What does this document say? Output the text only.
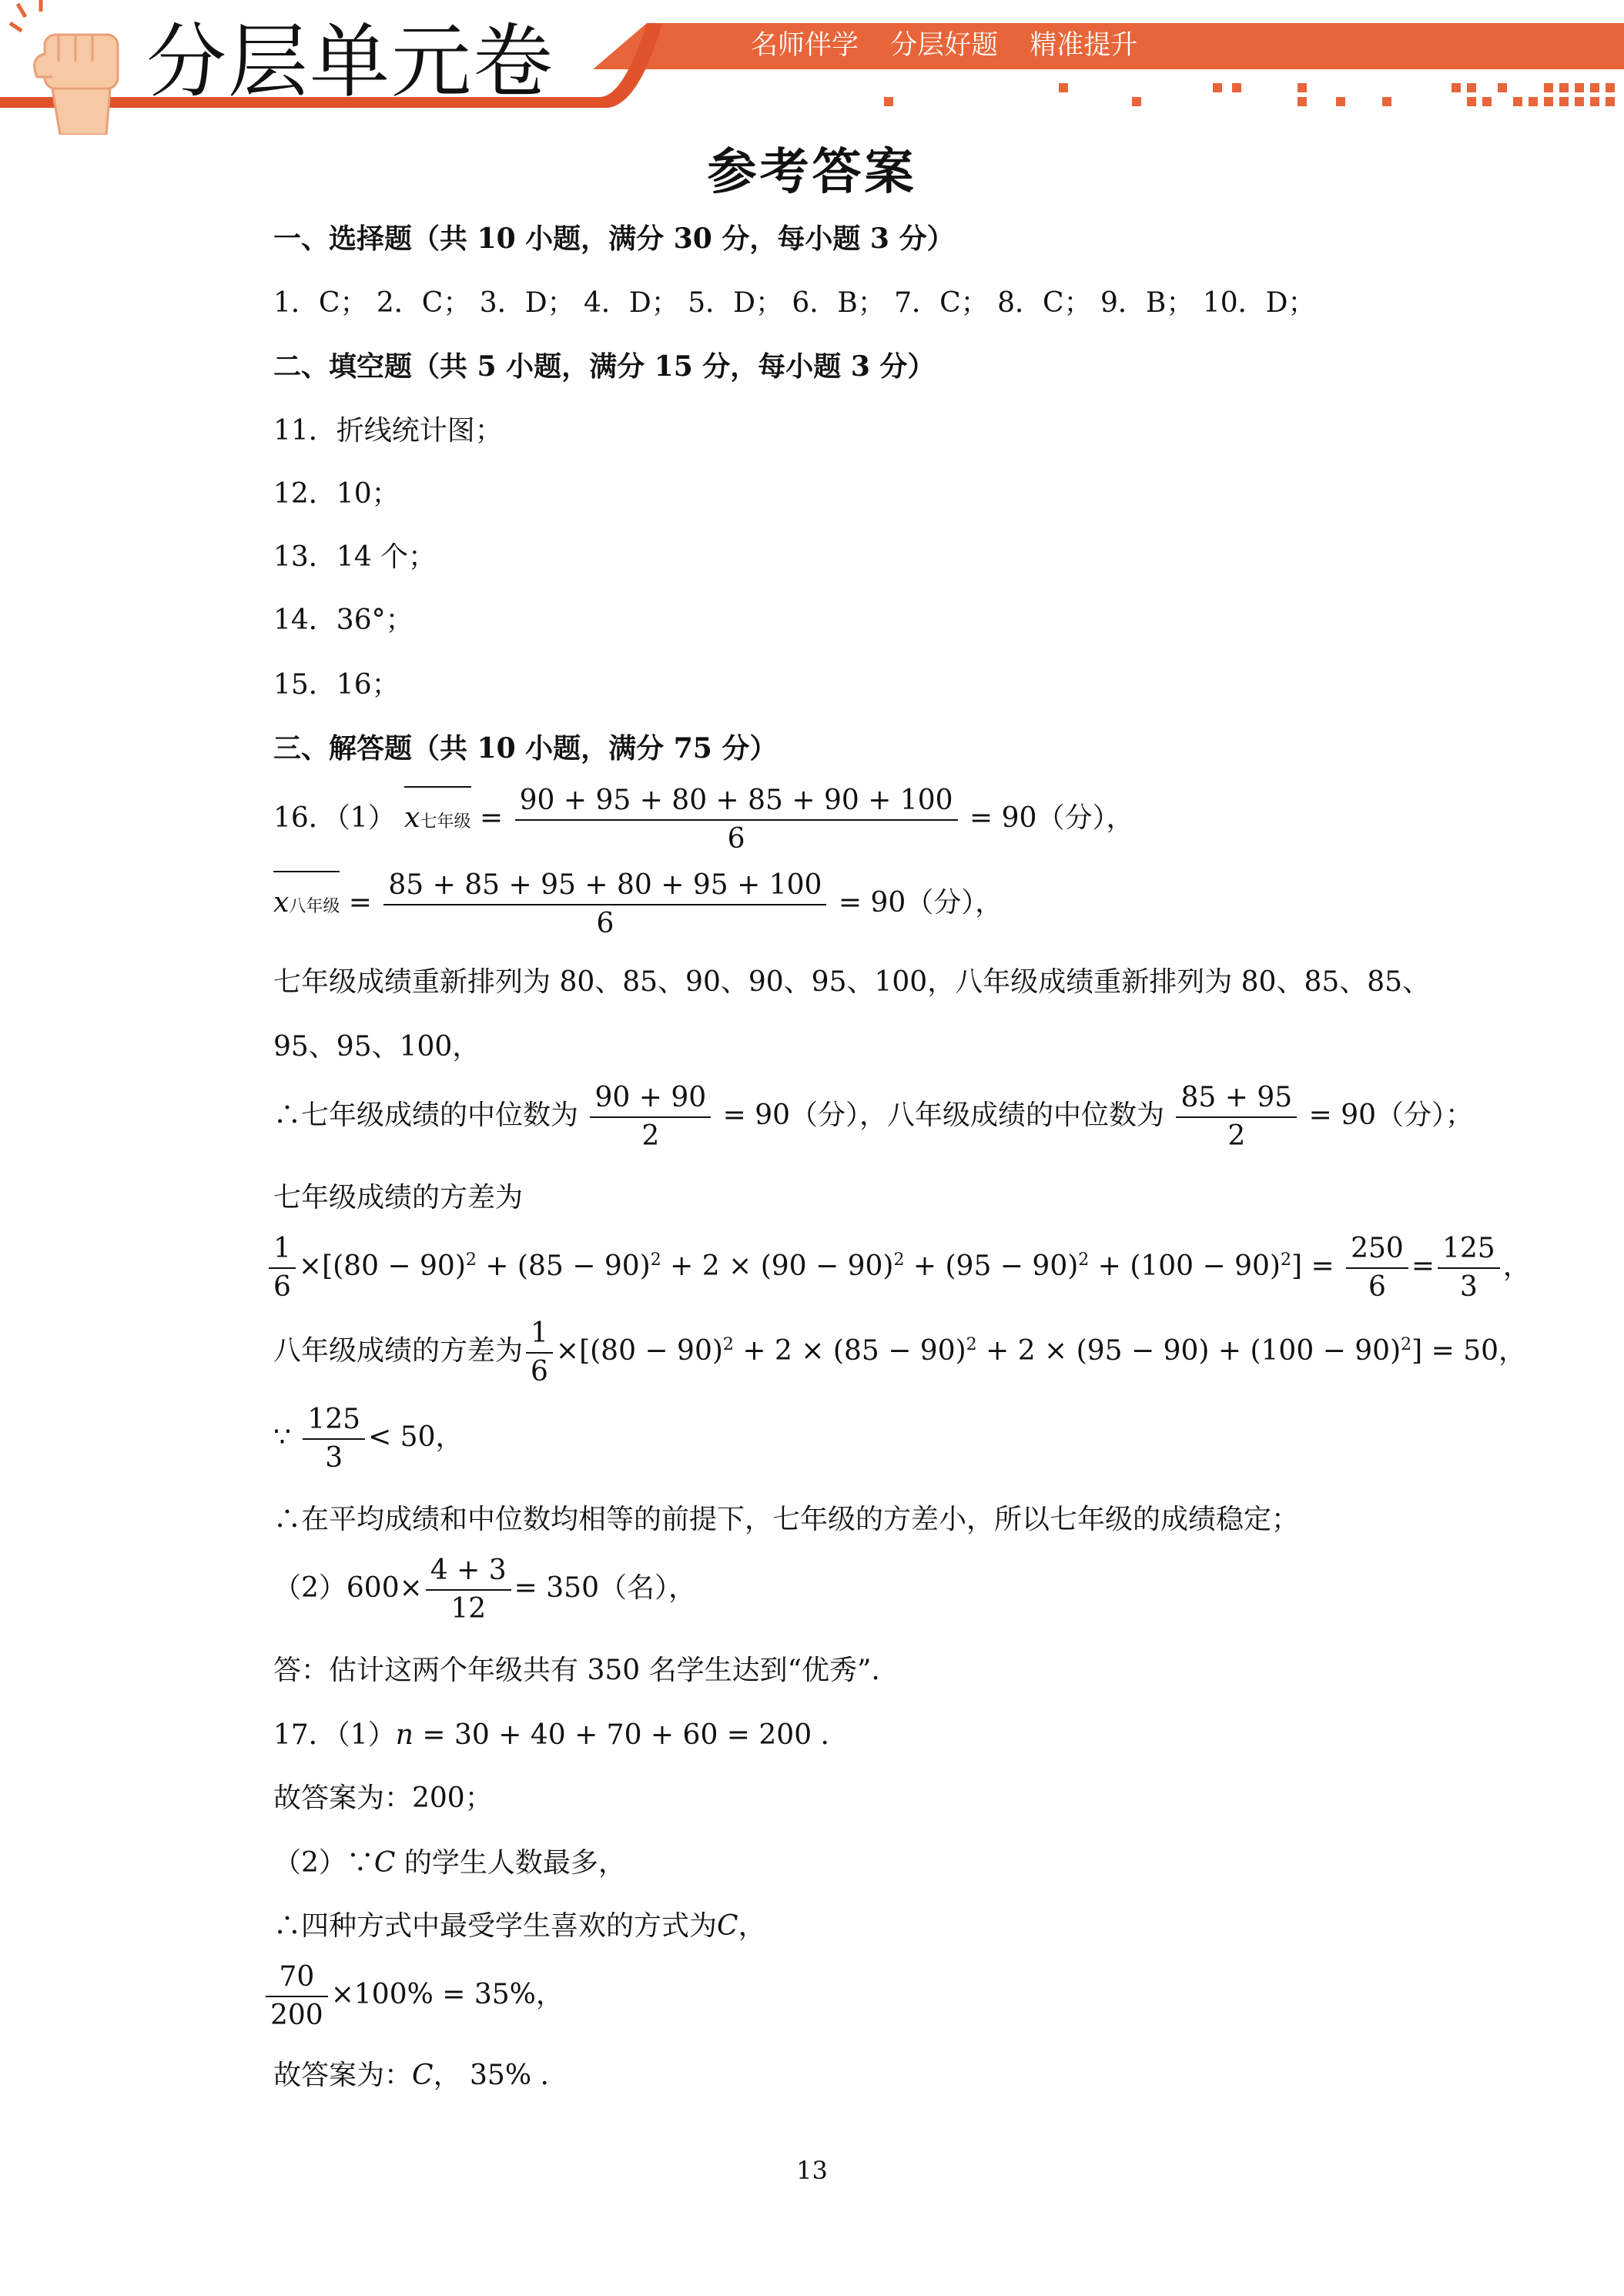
分层单元卷	名师伴学 分层好题 精准提升
参考答案
一、选择题（共 10 小题，满分 30 分，每小题 3 分）
1．C； 2．C； 3．D； 4．D； 5．D； 6．B； 7．C； 8．C； 9．B； 10．D；
二、填空题（共 5 小题，满分 15 分，每小题 3 分）
11．折线统计图；
12．10；
13．14 个；
14．36°；
15．16；
三、解答题（共 10 小题，满分 75 分）
16．（1） x七年级 = $\frac{90 + 95 + 80 + 85 + 90 + 100}{6} = 90$（分），
x八年级 = $\frac{85 + 85 + 95 + 80 + 95 + 100}{6} = 90$（分），
七年级成绩重新排列为 80、85、90、90、95、100，八年级成绩重新排列为 80、85、85、
95、95、100，
∴七年级成绩的中位数为 $\frac{90 + 90}{2} = 90$（分），八年级成绩的中位数为 $\frac{85 + 95}{2} = 90$（分）；
七年级成绩的方差为
$\frac{1}{6} \times[(80 - 90)^2 + (85 - 90)^2 + 2 \times (90 - 90)^2 + (95 - 90)^2 + (100 - 90)^2] = \frac{250}{6} = \frac{125}{3}$ ，
八年级成绩的方差为 $\frac{1}{6} \times[(80 - 90)^2 + 2 \times (85 - 90)^2 + 2 \times (95 - 90) + (100 - 90)^2] = 50$，
∵ $\frac{125}{3} < 50$，
∴在平均成绩和中位数均相等的前提下，七年级的方差小，所以七年级的成绩稳定；
$(2)600\times \frac{4 + 3}{12} = 350$（名），
答：估计这两个年级共有 350 名学生达到“优秀”.
17．（1）n = 30 + 40 + 70 + 60 = 200 .
故答案为：200；
（2）∵C 的学生人数最多，
∴四种方式中最受学生喜欢的方式为C，
$\frac{70}{200} \times 100\% = 35\%$，
故答案为：C， 35% .
13
